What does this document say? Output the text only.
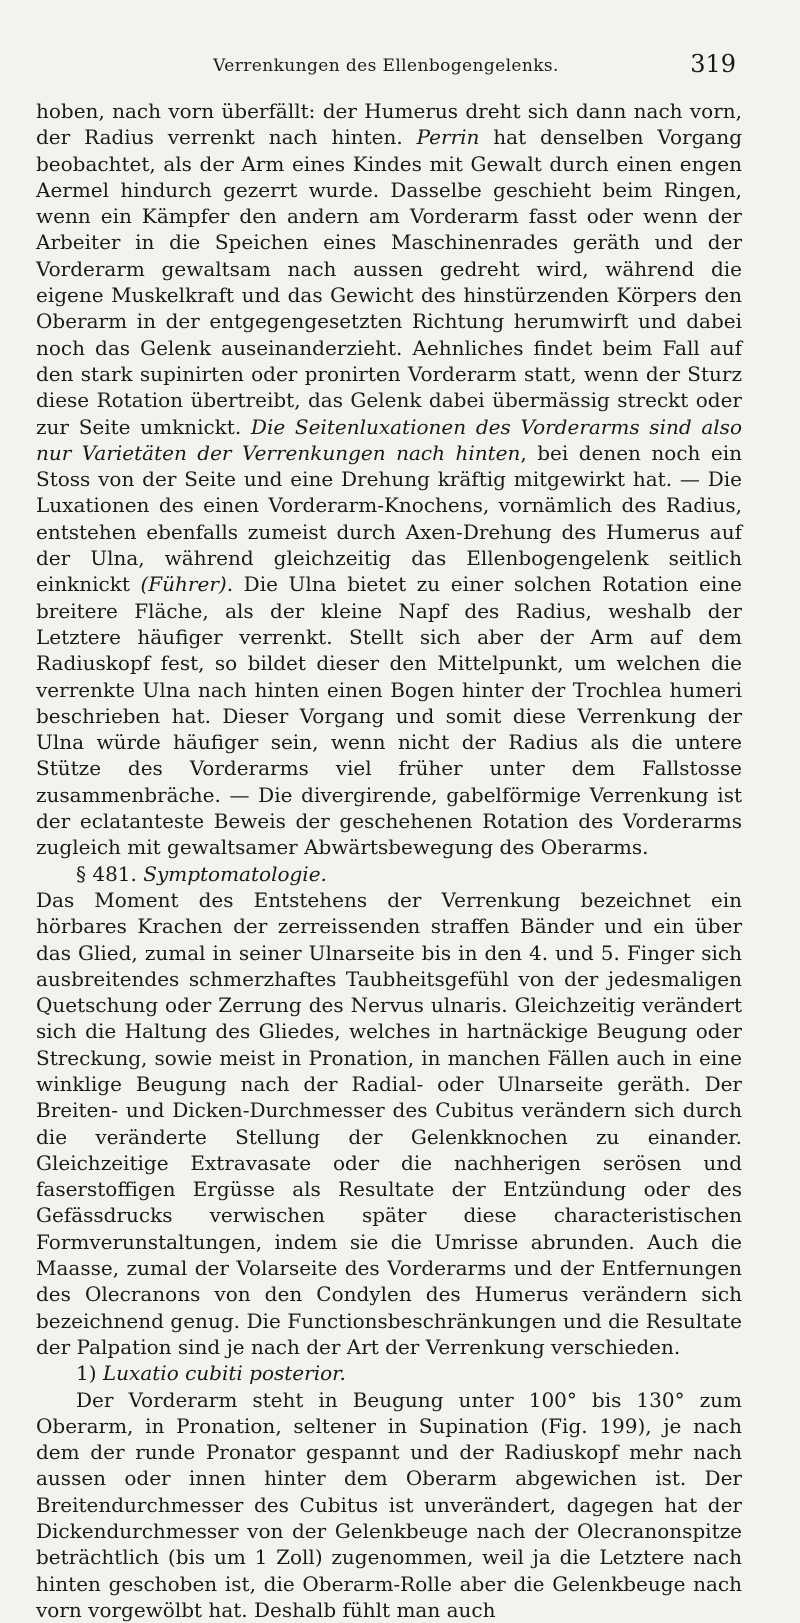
Verrenkungen des Ellenbogengelenks.	319

hoben, nach vorn überfällt: der Humerus dreht sich dann nach vorn, der Radius verrenkt nach hinten. Perrin hat denselben Vorgang beobachtet, als der Arm eines Kindes mit Gewalt durch einen engen Aermel hindurch gezerrt wurde. Dasselbe geschieht beim Ringen, wenn ein Kämpfer den andern am Vorderarm fasst oder wenn der Arbeiter in die Speichen eines Maschinenrades geräth und der Vorderarm gewaltsam nach aussen gedreht wird, während die eigene Muskelkraft und das Gewicht des hinstürzenden Körpers den Oberarm in der entgegengesetzten Richtung herumwirft und dabei noch das Gelenk auseinanderzieht. Aehnliches findet beim Fall auf den stark supinirten oder pronirten Vorderarm statt, wenn der Sturz diese Rotation übertreibt, das Gelenk dabei übermässig streckt oder zur Seite umknickt. Die Seitenluxationen des Vorderarms sind also nur Varietäten der Verrenkungen nach hinten, bei denen noch ein Stoss von der Seite und eine Drehung kräftig mitgewirkt hat. — Die Luxationen des einen Vorderarm-Knochens, vornämlich des Radius, entstehen ebenfalls zumeist durch Axen-Drehung des Humerus auf der Ulna, während gleichzeitig das Ellenbogengelenk seitlich einknickt (Führer). Die Ulna bietet zu einer solchen Rotation eine breitere Fläche, als der kleine Napf des Radius, weshalb der Letztere häufiger verrenkt. Stellt sich aber der Arm auf dem Radiuskopf fest, so bildet dieser den Mittelpunkt, um welchen die verrenkte Ulna nach hinten einen Bogen hinter der Trochlea humeri beschrieben hat. Dieser Vorgang und somit diese Verrenkung der Ulna würde häufiger sein, wenn nicht der Radius als die untere Stütze des Vorderarms viel früher unter dem Fallstosse zusammenbräche. — Die divergirende, gabelförmige Verrenkung ist der eclatanteste Beweis der geschehenen Rotation des Vorderarms zugleich mit gewaltsamer Abwärtsbewegung des Oberarms.

§ 481. Symptomatologie.

Das Moment des Entstehens der Verrenkung bezeichnet ein hörbares Krachen der zerreissenden straffen Bänder und ein über das Glied, zumal in seiner Ulnarseite bis in den 4. und 5. Finger sich ausbreitendes schmerzhaftes Taubheitsgefühl von der jedesmaligen Quetschung oder Zerrung des Nervus ulnaris. Gleichzeitig verändert sich die Haltung des Gliedes, welches in hartnäckige Beugung oder Streckung, sowie meist in Pronation, in manchen Fällen auch in eine winklige Beugung nach der Radial- oder Ulnarseite geräth. Der Breiten- und Dicken-Durchmesser des Cubitus verändern sich durch die veränderte Stellung der Gelenkknochen zu einander. Gleichzeitige Extravasate oder die nachherigen serösen und faserstoffigen Ergüsse als Resultate der Entzündung oder des Gefässdrucks verwischen später diese characteristischen Formverunstaltungen, indem sie die Umrisse abrunden. Auch die Maasse, zumal der Volarseite des Vorderarms und der Entfernungen des Olecranons von den Condylen des Humerus verändern sich bezeichnend genug. Die Functionsbeschränkungen und die Resultate der Palpation sind je nach der Art der Verrenkung verschieden.

1) Luxatio cubiti posterior.

Der Vorderarm steht in Beugung unter 100° bis 130° zum Oberarm, in Pronation, seltener in Supination (Fig. 199), je nach dem der runde Pronator gespannt und der Radiuskopf mehr nach aussen oder innen hinter dem Oberarm abgewichen ist. Der Breitendurchmesser des Cubitus ist unverändert, dagegen hat der Dickendurchmesser von der Gelenkbeuge nach der Olecranonspitze beträchtlich (bis um 1 Zoll) zugenommen, weil ja die Letztere nach hinten geschoben ist, die Oberarm-Rolle aber die Gelenkbeuge nach vorn vorgewölbt hat. Deshalb fühlt man auch
